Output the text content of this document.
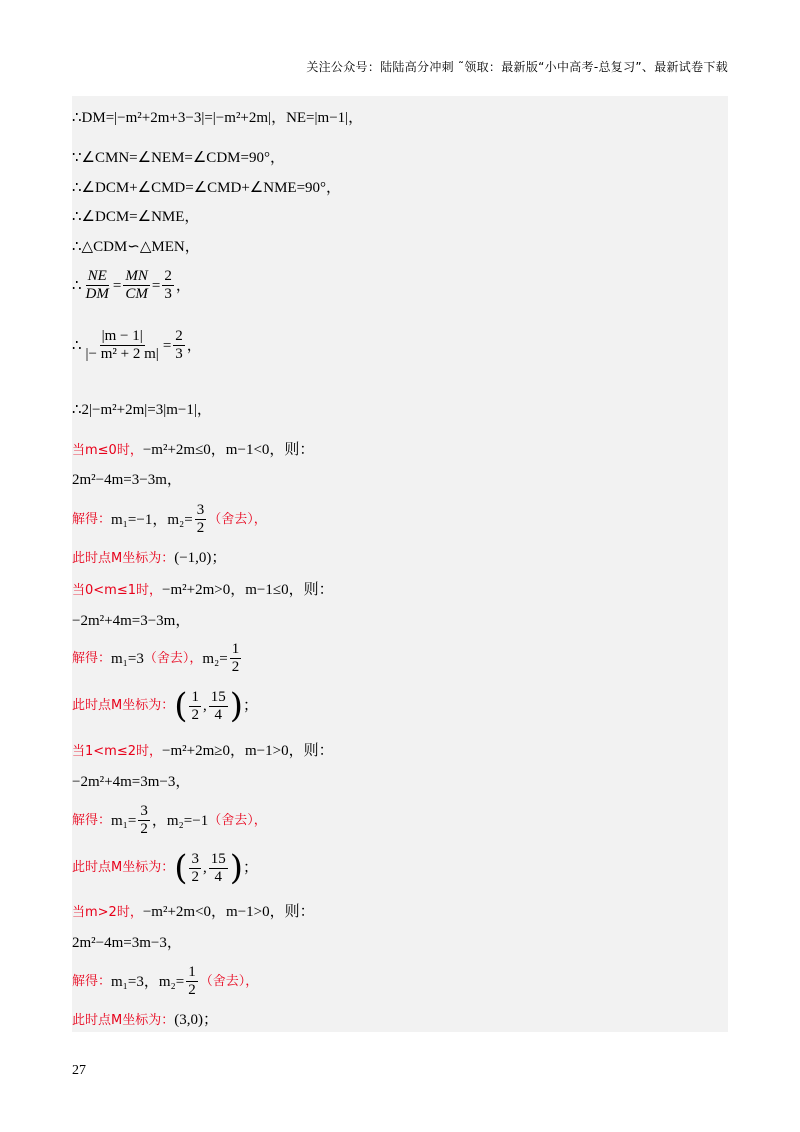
关注公众号：陆陆高分冲刺 ˜领取：最新版“小中高考-总复习”、最新试卷下载
∴DM=|−m²+2m+3−3|=|−m²+2m|，NE=|m−1|，
∵∠CMN=∠NEM=∠CDM=90°，
∴∠DCM+∠CMD=∠CMD+∠NME=90°，
∴∠DCM=∠NME，
∴△CDM∽△MEN，
∴ $\frac{NE}{DM} = \frac{MN}{CM} = \frac{2}{3}$ ，
∴ $\frac{|m - 1|}{\text{|− m² + 2 m|}} = \frac{2}{3}$ ，
∴2|−m²+2m|=3|m−1|，
当m≤0时，−m²+2m≤0，m−1<0，则：
2m²−4m=3−3m，
解得： m₁=−1，$m_2= \frac{3}{2}$ （舍去），
此时点M坐标为：(−1,0)；
当0<m≤1时，−m²+2m>0，m−1≤0，则：
−2m²+4m=3−3m，
解得： m₁=3 （舍去）， $m_2= \frac{1}{2}$
此时点M坐标为： ( $\frac{1}{2}$ , $\frac{15}{4}$ ) ；
当1<m≤2时，−m²+2m≥0，m−1>0，则：
−2m²+4m=3m−3，
解得： $m_1= \frac{3}{2}$ ，m₂=−1 （舍去），
此时点M坐标为： ( $\frac{3}{2}$ , $\frac{15}{4}$ ) ；
当m>2时，−m²+2m<0，m−1>0，则：
2m²−4m=3m−3，
解得： m₁=3，$m_2= \frac{1}{2}$ （舍去），
此时点M坐标为：(3,0)；
27
